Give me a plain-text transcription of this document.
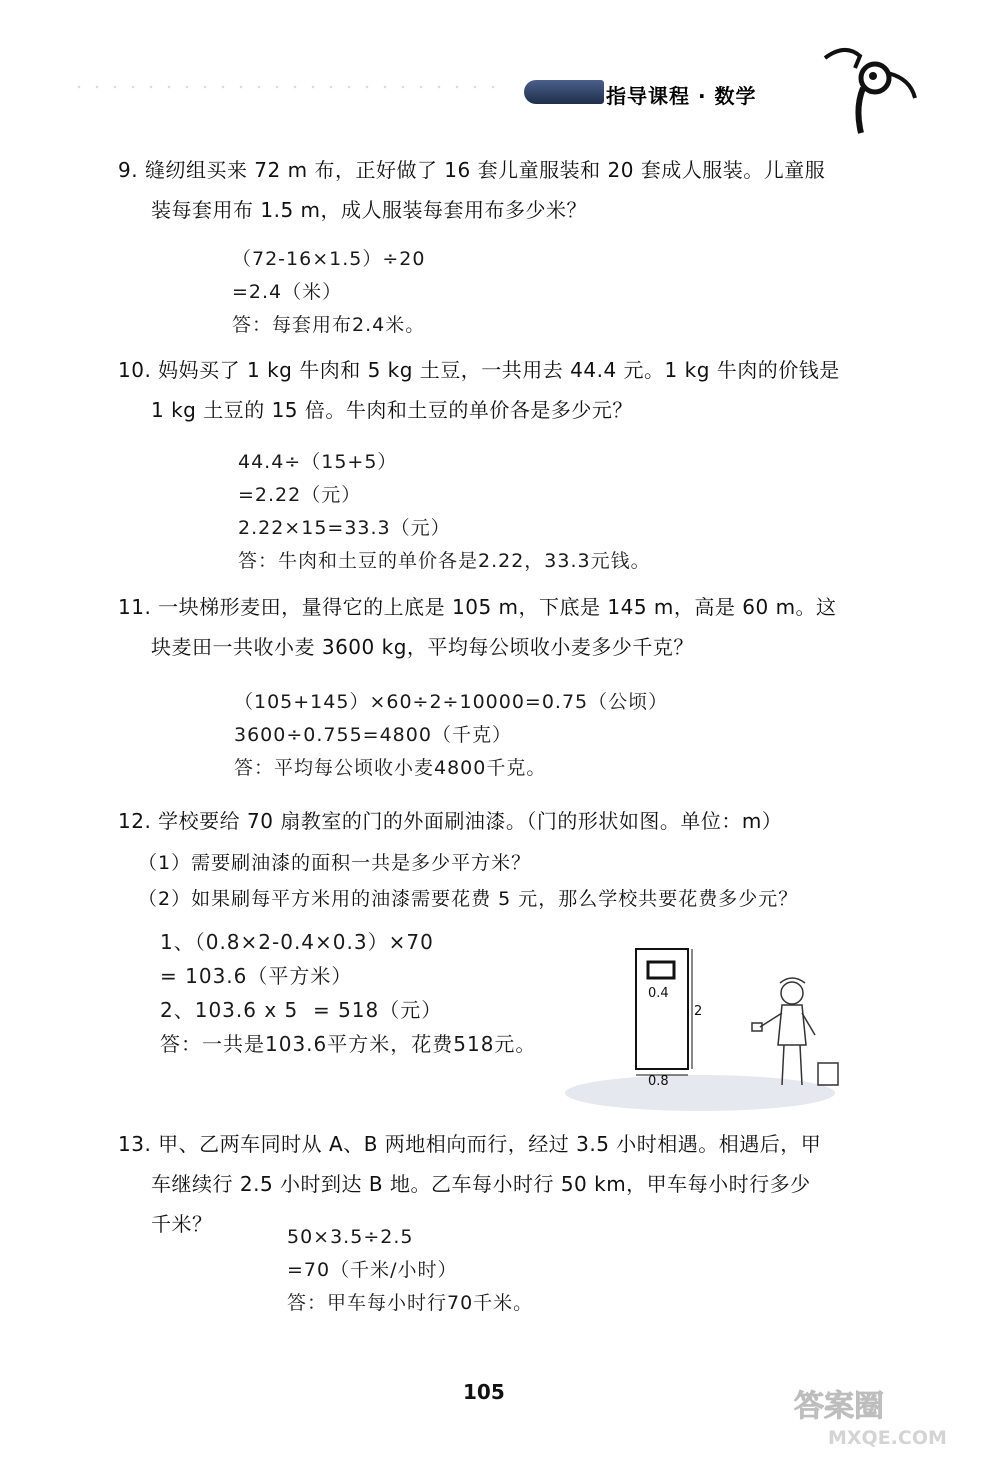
指导课程 · 数学
9. 缝纫组买来 72 m 布，正好做了 16 套儿童服装和 20 套成人服装。儿童服
装每套用布 1.5 m，成人服装每套用布多少米？
（72-16×1.5）÷20
=2.4（米）
答：每套用布2.4米。
10. 妈妈买了 1 kg 牛肉和 5 kg 土豆，一共用去 44.4 元。1 kg 牛肉的价钱是
1 kg 土豆的 15 倍。牛肉和土豆的单价各是多少元？
44.4÷（15+5）
=2.22（元）
2.22×15=33.3（元）
答：牛肉和土豆的单价各是2.22，33.3元钱。
11. 一块梯形麦田，量得它的上底是 105 m，下底是 145 m，高是 60 m。这
块麦田一共收小麦 3600 kg，平均每公顷收小麦多少千克？
（105+145）×60÷2÷10000=0.75（公顷）
3600÷0.755=4800（千克）
答：平均每公顷收小麦4800千克。
12. 学校要给 70 扇教室的门的外面刷油漆。（门的形状如图。单位：m）
（1）需要刷油漆的面积一共是多少平方米？
（2）如果刷每平方米用的油漆需要花费 5 元，那么学校共要花费多少元？
1、（0.8×2-0.4×0.3）×70
= 103.6（平方米）
2、103.6 x 5  = 518（元）
答：一共是103.6平方米，花费518元。
0.4
2
0.8
13. 甲、乙两车同时从 A、B 两地相向而行，经过 3.5 小时相遇。相遇后，甲
车继续行 2.5 小时到达 B 地。乙车每小时行 50 km，甲车每小时行多少
千米？
50×3.5÷2.5
=70（千米/小时）
答：甲车每小时行70千米。
105	答案圈
MXQE.COM
